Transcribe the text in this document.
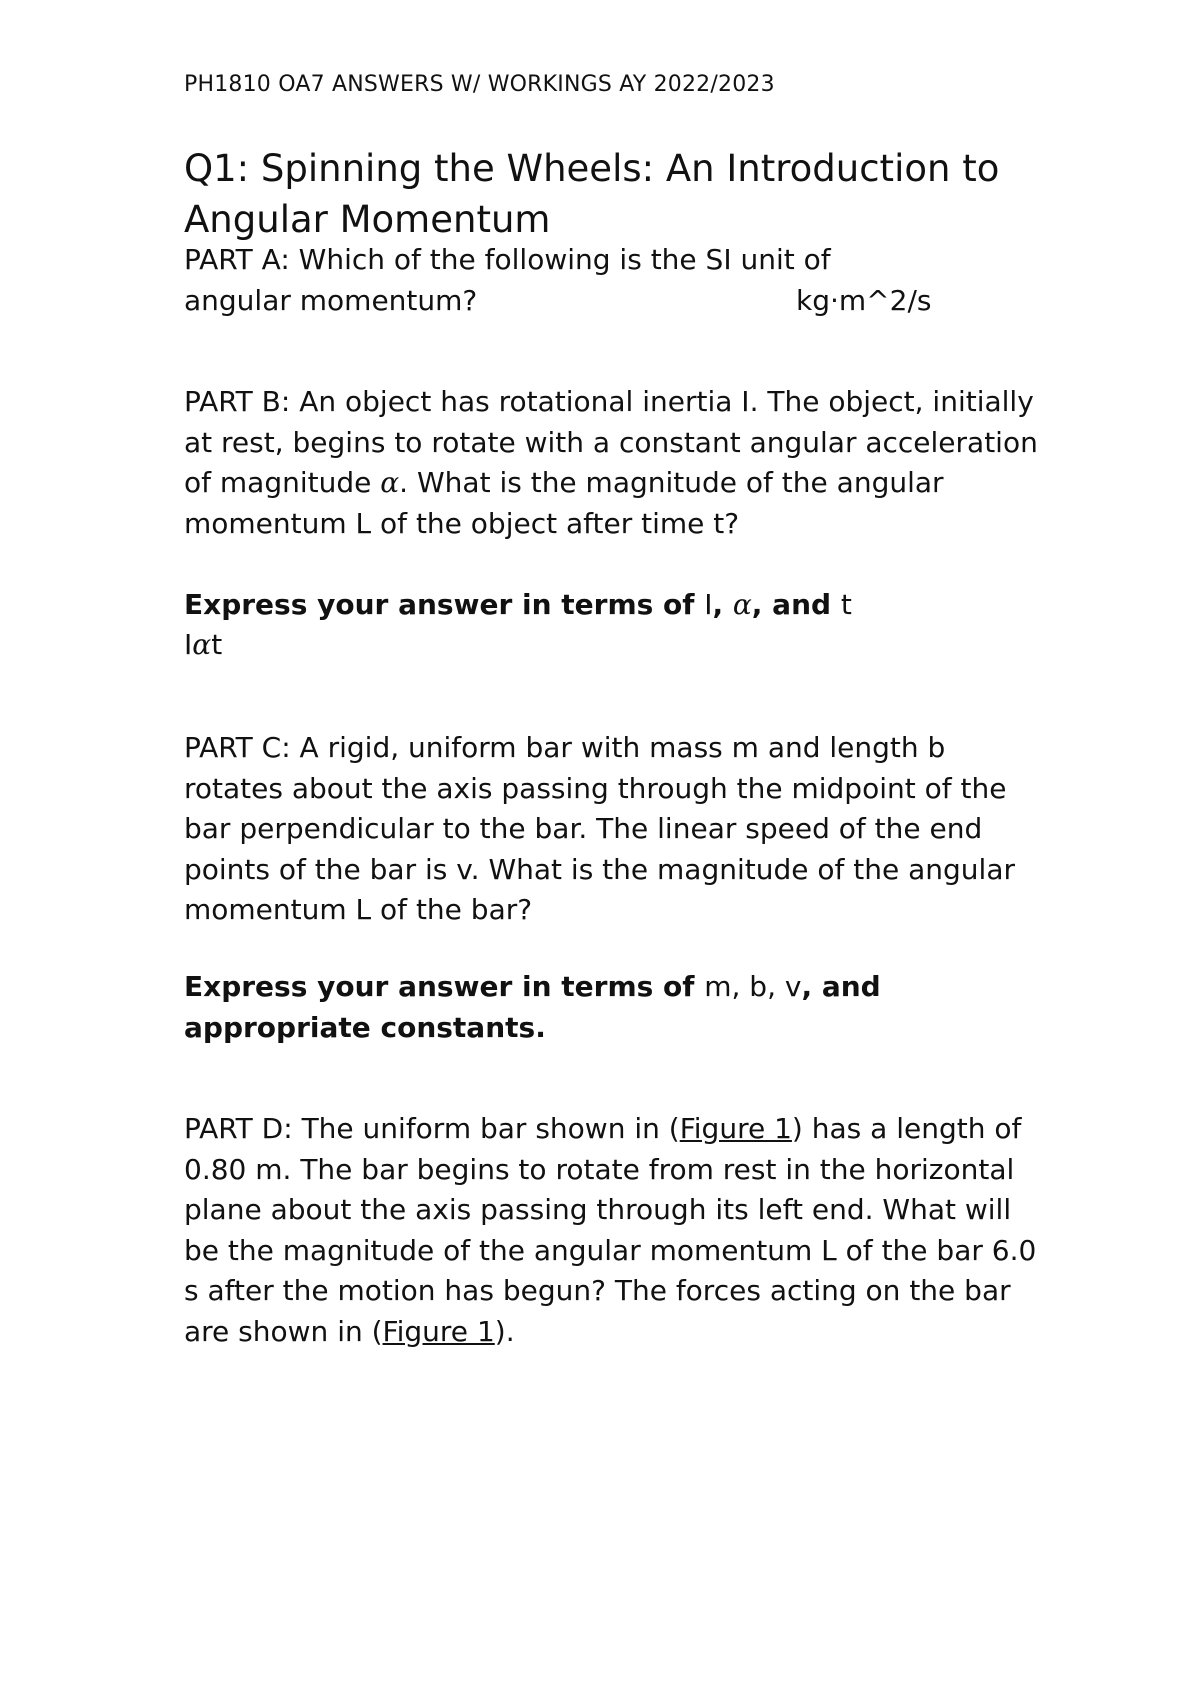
PH1810 OA7 ANSWERS W/ WORKINGS AY 2022/2023
Q1: Spinning the Wheels: An Introduction to Angular Momentum
PART A: Which of the following is the SI unit of
angular momentum?	kg·m^2/s
PART B: An object has rotational inertia I. The object, initially at rest, begins to rotate with a constant angular acceleration of magnitude α. What is the magnitude of the angular momentum L of the object after time t?
Express your answer in terms of I, α, and t
Iαt
PART C: A rigid, uniform bar with mass m and length b rotates about the axis passing through the midpoint of the bar perpendicular to the bar. The linear speed of the end points of the bar is v. What is the magnitude of the angular momentum L of the bar?
Express your answer in terms of m, b, v, and appropriate constants.
PART D: The uniform bar shown in (Figure 1) has a length of 0.80 m. The bar begins to rotate from rest in the horizontal plane about the axis passing through its left end. What will be the magnitude of the angular momentum L of the bar 6.0 s after the motion has begun? The forces acting on the bar are shown in (Figure 1).
